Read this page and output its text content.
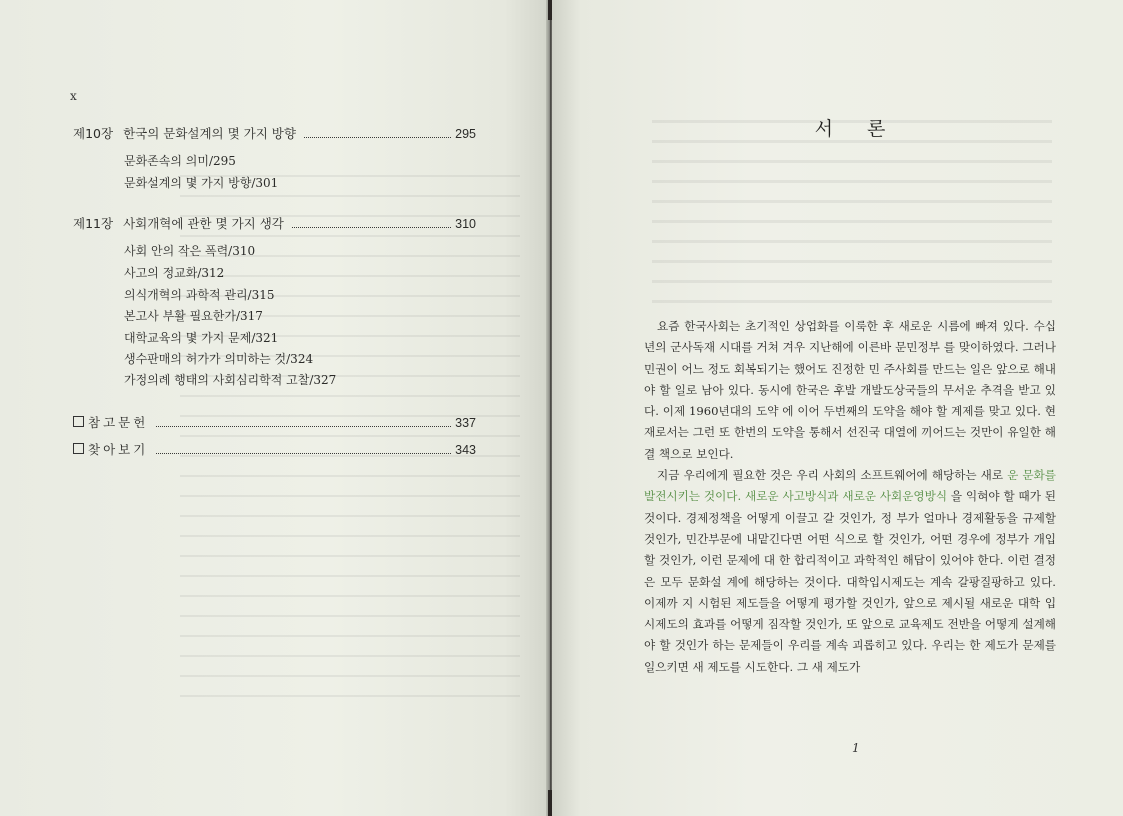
x
제10장 한국의 문화설계의 몇 가지 방향	295
문화존속의 의미/295
문화설계의 몇 가지 방향/301
제11장 사회개혁에 관한 몇 가지 생각	310
사회 안의 작은 폭력/310
사고의 정교화/312
의식개혁의 과학적 관리/315
본고사 부활 필요한가/317
대학교육의 몇 가지 문제/321
생수판매의 허가가 의미하는 것/324
가정의례 행태의 사회심리학적 고찰/327
참고문헌	337
찾아보기	343
서 론

요즘 한국사회는 초기적인 상업화를 이룩한 후 새로운 시름에 빠져 있다. 수십 년의 군사독재 시대를 거쳐 겨우 지난해에 이른바 문민정부 를 맞이하였다. 그러나 민권이 어느 정도 회복되기는 했어도 진정한 민 주사회를 만드는 일은 앞으로 해내야 할 일로 남아 있다. 동시에 한국은 후발 개발도상국들의 무서운 추격을 받고 있다. 이제 1960년대의 도약 에 이어 두번째의 도약을 해야 할 계제를 맞고 있다. 현재로서는 그런 또 한번의 도약을 통해서 선진국 대열에 끼어드는 것만이 유일한 해결 책으로 보인다.

지금 우리에게 필요한 것은 우리 사회의 소프트웨어에 해당하는 새로 운 문화를 발전시키는 것이다. 새로운 사고방식과 새로운 사회운영방식 을 익혀야 할 때가 된 것이다. 경제정책을 어떻게 이끌고 갈 것인가, 정 부가 얼마나 경제활동을 규제할 것인가, 민간부문에 내맡긴다면 어떤 식으로 할 것인가, 어떤 경우에 정부가 개입할 것인가, 이런 문제에 대 한 합리적이고 과학적인 해답이 있어야 한다. 이런 결정은 모두 문화설 계에 해당하는 것이다. 대학입시제도는 계속 갈팡질팡하고 있다. 이제까 지 시험된 제도들을 어떻게 평가할 것인가, 앞으로 제시될 새로운 대학 입시제도의 효과를 어떻게 짐작할 것인가, 또 앞으로 교육제도 전반을 어떻게 설계해야 할 것인가 하는 문제들이 우리를 계속 괴롭히고 있다. 우리는 한 제도가 문제를 일으키면 새 제도를 시도한다. 그 새 제도가

1
